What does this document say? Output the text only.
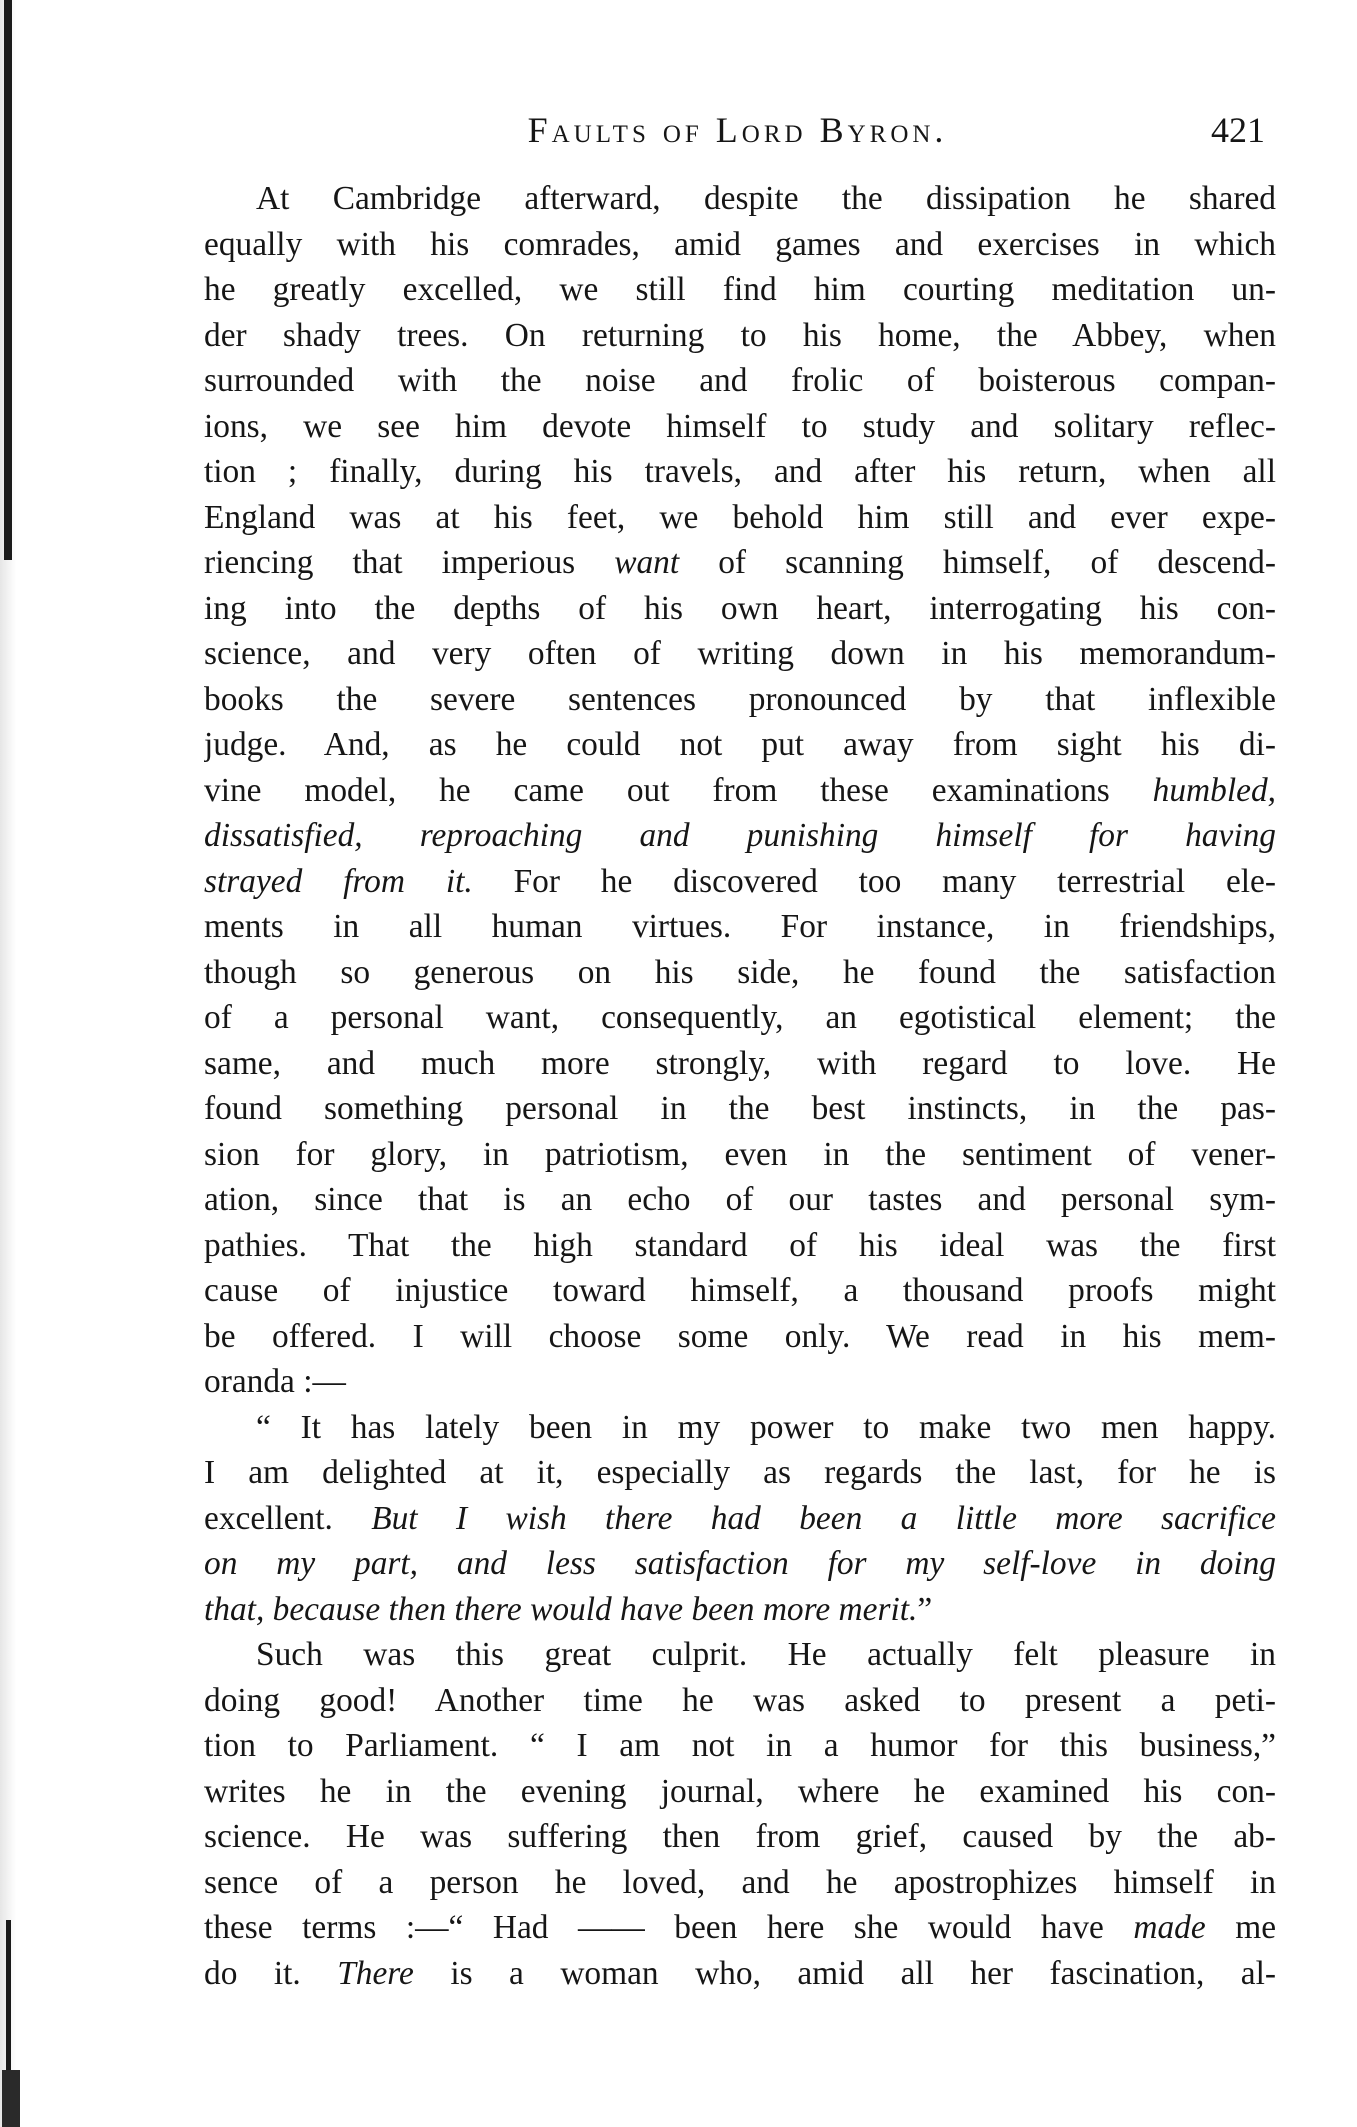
Faults of Lord Byron.	421
At Cambridge afterward, despite the dissipation he shared
equally with his comrades, amid games and exercises in which
he greatly excelled, we still find him courting meditation un-
der shady trees. On returning to his home, the Abbey, when
surrounded with the noise and frolic of boisterous compan-
ions, we see him devote himself to study and solitary reflec-
tion ; finally, during his travels, and after his return, when all
England was at his feet, we behold him still and ever expe-
riencing that imperious want of scanning himself, of descend-
ing into the depths of his own heart, interrogating his con-
science, and very often of writing down in his memorandum-
books the severe sentences pronounced by that inflexible
judge. And, as he could not put away from sight his di-
vine model, he came out from these examinations humbled,
dissatisfied, reproaching and punishing himself for having
strayed from it. For he discovered too many terrestrial ele-
ments in all human virtues. For instance, in friendships,
though so generous on his side, he found the satisfaction
of a personal want, consequently, an egotistical element; the
same, and much more strongly, with regard to love. He
found something personal in the best instincts, in the pas-
sion for glory, in patriotism, even in the sentiment of vener-
ation, since that is an echo of our tastes and personal sym-
pathies. That the high standard of his ideal was the first
cause of injustice toward himself, a thousand proofs might
be offered. I will choose some only. We read in his mem-
oranda :—
“ It has lately been in my power to make two men happy.
I am delighted at it, especially as regards the last, for he is
excellent. But I wish there had been a little more sacrifice
on my part, and less satisfaction for my self-love in doing
that, because then there would have been more merit.”
Such was this great culprit. He actually felt pleasure in
doing good! Another time he was asked to present a peti-
tion to Parliament. “ I am not in a humor for this business,”
writes he in the evening journal, where he examined his con-
science. He was suffering then from grief, caused by the ab-
sence of a person he loved, and he apostrophizes himself in
these terms :—“ Had —— been here she would have made me
do it. There is a woman who, amid all her fascination, al-
